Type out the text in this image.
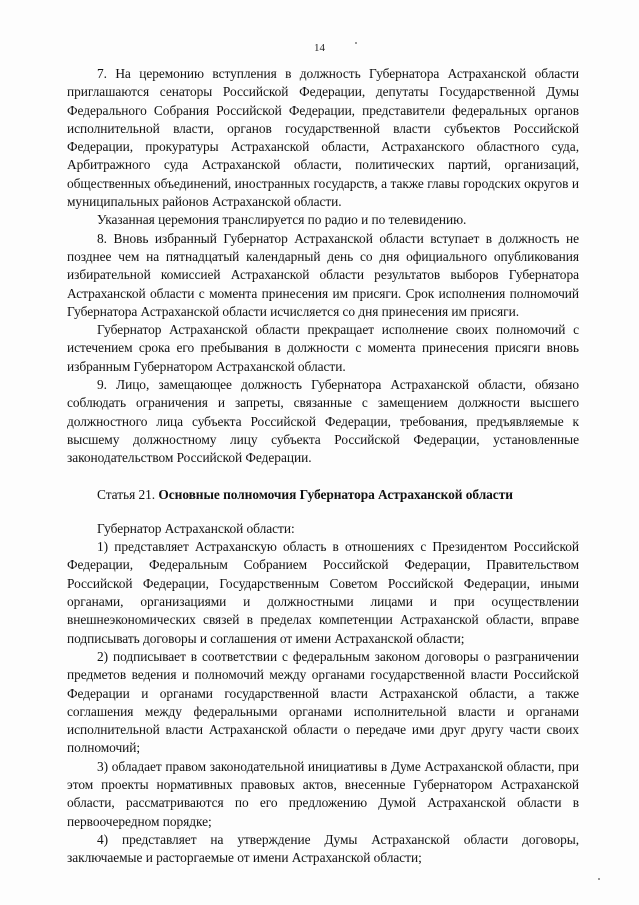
14

7. На церемонию вступления в должность Губернатора Астраханской области приглашаются сенаторы Российской Федерации, депутаты Государственной Думы Федерального Собрания Российской Федерации, представители федеральных органов исполнительной власти, органов государственной власти субъектов Российской Федерации, прокуратуры Астраханской области, Астраханского областного суда, Арбитражного суда Астраханской области, политических партий, организаций, общественных объединений, иностранных государств, а также главы городских округов и муниципальных районов Астраханской области.

Указанная церемония транслируется по радио и по телевидению.

8. Вновь избранный Губернатор Астраханской области вступает в должность не позднее чем на пятнадцатый календарный день со дня официального опубликования избирательной комиссией Астраханской области результатов выборов Губернатора Астраханской области с момента принесения им присяги. Срок исполнения полномочий Губернатора Астраханской области исчисляется со дня принесения им присяги.

Губернатор Астраханской области прекращает исполнение своих полномочий с истечением срока его пребывания в должности с момента принесения присяги вновь избранным Губернатором Астраханской области.

9. Лицо, замещающее должность Губернатора Астраханской области, обязано соблюдать ограничения и запреты, связанные с замещением должности высшего должностного лица субъекта Российской Федерации, требования, предъявляемые к высшему должностному лицу субъекта Российской Федерации, установленные законодательством Российской Федерации.

Статья 21. Основные полномочия Губернатора Астраханской области

Губернатор Астраханской области:

1) представляет Астраханскую область в отношениях с Президентом Российской Федерации, Федеральным Собранием Российской Федерации, Правительством Российской Федерации, Государственным Советом Российской Федерации, иными органами, организациями и должностными лицами и при осуществлении внешнеэкономических связей в пределах компетенции Астраханской области, вправе подписывать договоры и соглашения от имени Астраханской области;

2) подписывает в соответствии с федеральным законом договоры о разграничении предметов ведения и полномочий между органами государственной власти Российской Федерации и органами государственной власти Астраханской области, а также соглашения между федеральными органами исполнительной власти и органами исполнительной власти Астраханской области о передаче ими друг другу части своих полномочий;

3) обладает правом законодательной инициативы в Думе Астраханской области, при этом проекты нормативных правовых актов, внесенные Губернатором Астраханской области, рассматриваются по его предложению Думой Астраханской области в первоочередном порядке;

4) представляет на утверждение Думы Астраханской области договоры, заключаемые и расторгаемые от имени Астраханской области;
